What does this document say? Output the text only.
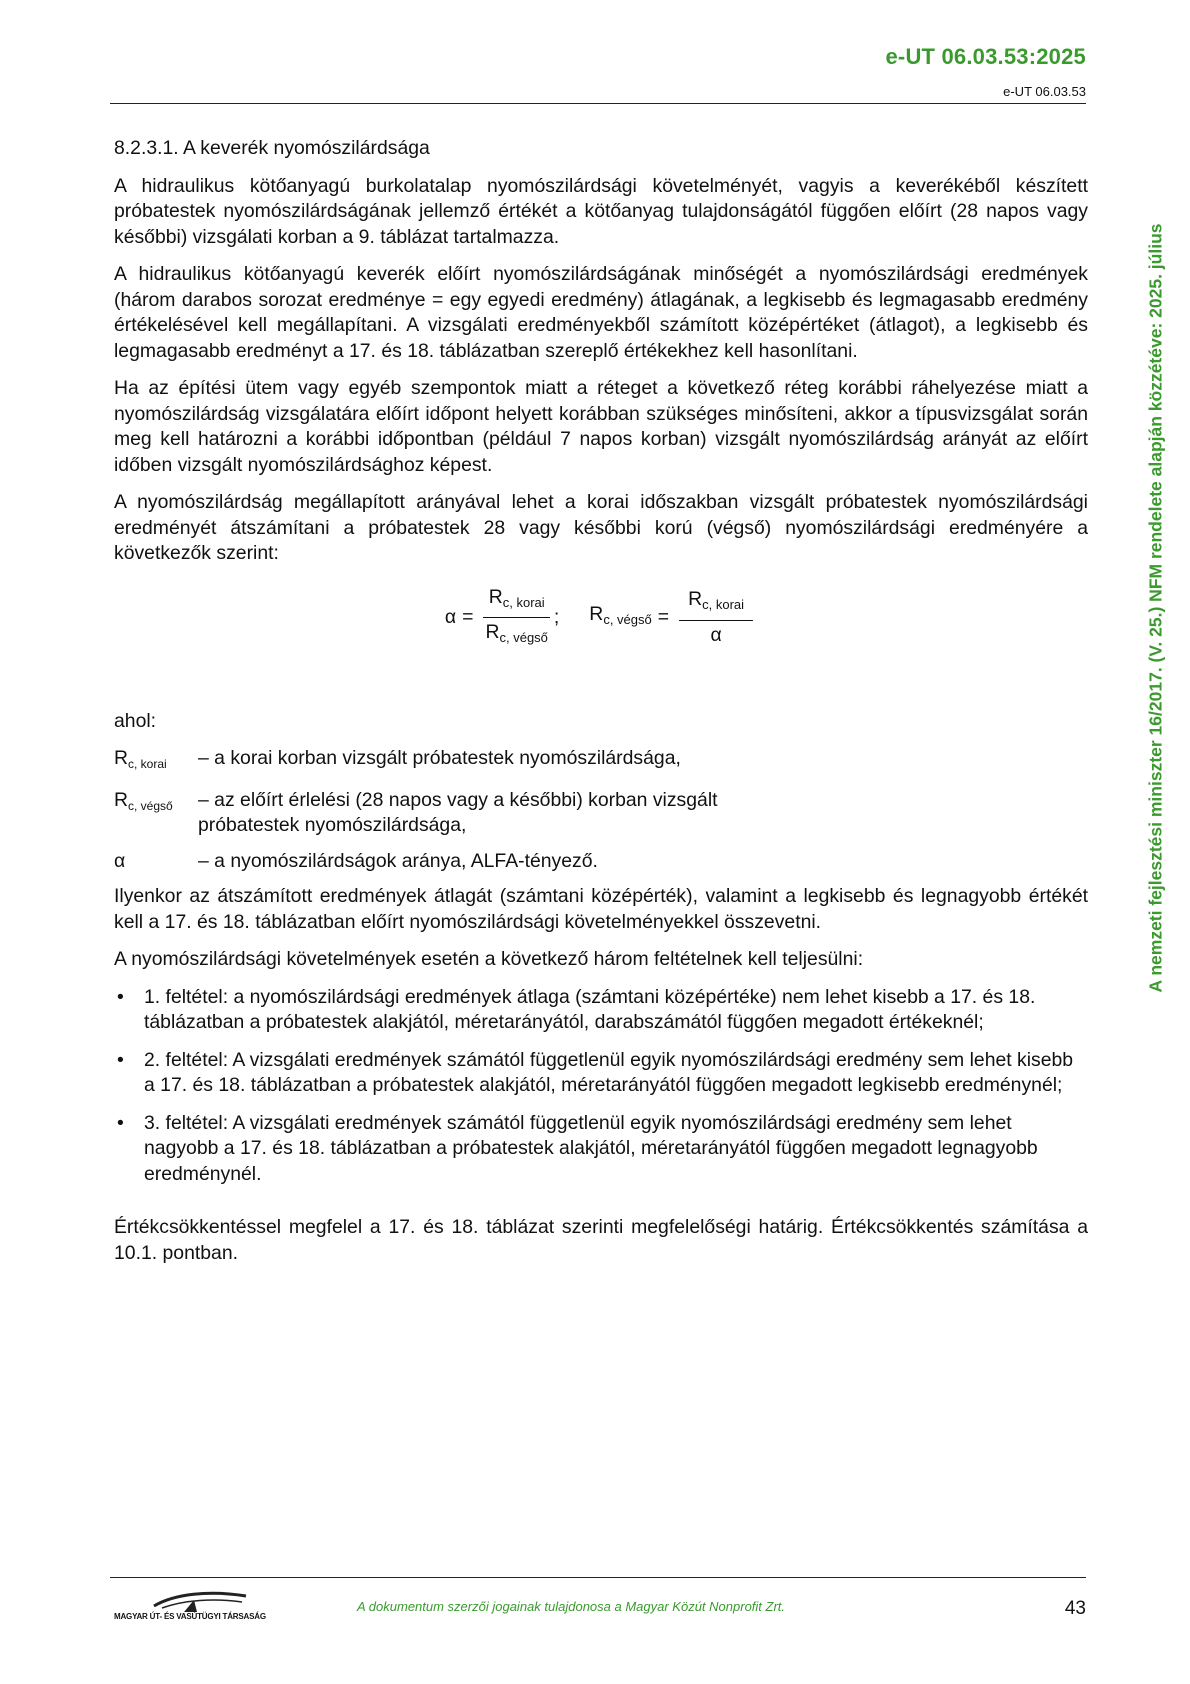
e-UT 06.03.53:2025
e-UT 06.03.53
A nemzeti fejlesztési miniszter 16/2017. (V. 25.) NFM rendelete alapján közzétéve: 2025. július
8.2.3.1. A keverék nyomószilárdsága

A hidraulikus kötőanyagú burkolatalap nyomószilárdsági követelményét, vagyis a keverékéből készített próbatestek nyomószilárdságának jellemző értékét a kötőanyag tulajdonságától függően előírt (28 napos vagy későbbi) vizsgálati korban a 9. táblázat tartalmazza.

A hidraulikus kötőanyagú keverék előírt nyomószilárdságának minőségét a nyomószilárdsági eredmények (három darabos sorozat eredménye = egy egyedi eredmény) átlagának, a legkisebb és legmagasabb eredmény értékelésével kell megállapítani. A vizsgálati eredményekből számított középértéket (átlagot), a legkisebb és legmagasabb eredményt a 17. és 18. táblázatban szereplő értékekhez kell hasonlítani.

Ha az építési ütem vagy egyéb szempontok miatt a réteget a következő réteg korábbi ráhelyezése miatt a nyomószilárdság vizsgálatára előírt időpont helyett korábban szükséges minősíteni, akkor a típusvizsgálat során meg kell határozni a korábbi időpontban (például 7 napos korban) vizsgált nyomószilárdság arányát az előírt időben vizsgált nyomószilárdsághoz képest.

A nyomószilárdság megállapított arányával lehet a korai időszakban vizsgált próbatestek nyomószilárdsági eredményét átszámítani a próbatestek 28 vagy későbbi korú (végső) nyomószilárdsági eredményére a következők szerint:

$\alpha = \frac{R_{c, korai}}{R_{c, végső}}$ ; $R_{c, végső} = \frac{R_{c, korai}}{\alpha}$
ahol:
$R_{c, korai}$	– a korai korban vizsgált próbatestek nyomószilárdsága,
$R_{c, végső}$	– az előírt érlelési (28 napos vagy a későbbi) korban vizsgált próbatestek nyomószilárdsága,
α	– a nyomószilárdságok aránya, ALFA-tényező.

Ilyenkor az átszámított eredmények átlagát (számtani középérték), valamint a legkisebb és legnagyobb értékét kell a 17. és 18. táblázatban előírt nyomószilárdsági követelményekkel összevetni.

A nyomószilárdsági követelmények esetén a következő három feltételnek kell teljesülni:

• 1. feltétel: a nyomószilárdsági eredmények átlaga (számtani középértéke) nem lehet kisebb a 17. és 18. táblázatban a próbatestek alakjától, méretarányától, darabszámától függően megadott értékeknél;
• 2. feltétel: A vizsgálati eredmények számától függetlenül egyik nyomószilárdsági eredmény sem lehet kisebb a 17. és 18. táblázatban a próbatestek alakjától, méretarányától függően megadott legkisebb eredménynél;
• 3. feltétel: A vizsgálati eredmények számától függetlenül egyik nyomószilárdsági eredmény sem lehet nagyobb a 17. és 18. táblázatban a próbatestek alakjától, méretarányától függően megadott legnagyobb eredménynél.

Értékcsökkentéssel megfelel a 17. és 18. táblázat szerinti megfelelőségi határig. Értékcsökkentés számítása a 10.1. pontban.

MAGYAR ÚT- ÉS VASÚTÜGYI TÁRSASÁG
A dokumentum szerzői jogainak tulajdonosa a Magyar Közút Nonprofit Zrt.	43
